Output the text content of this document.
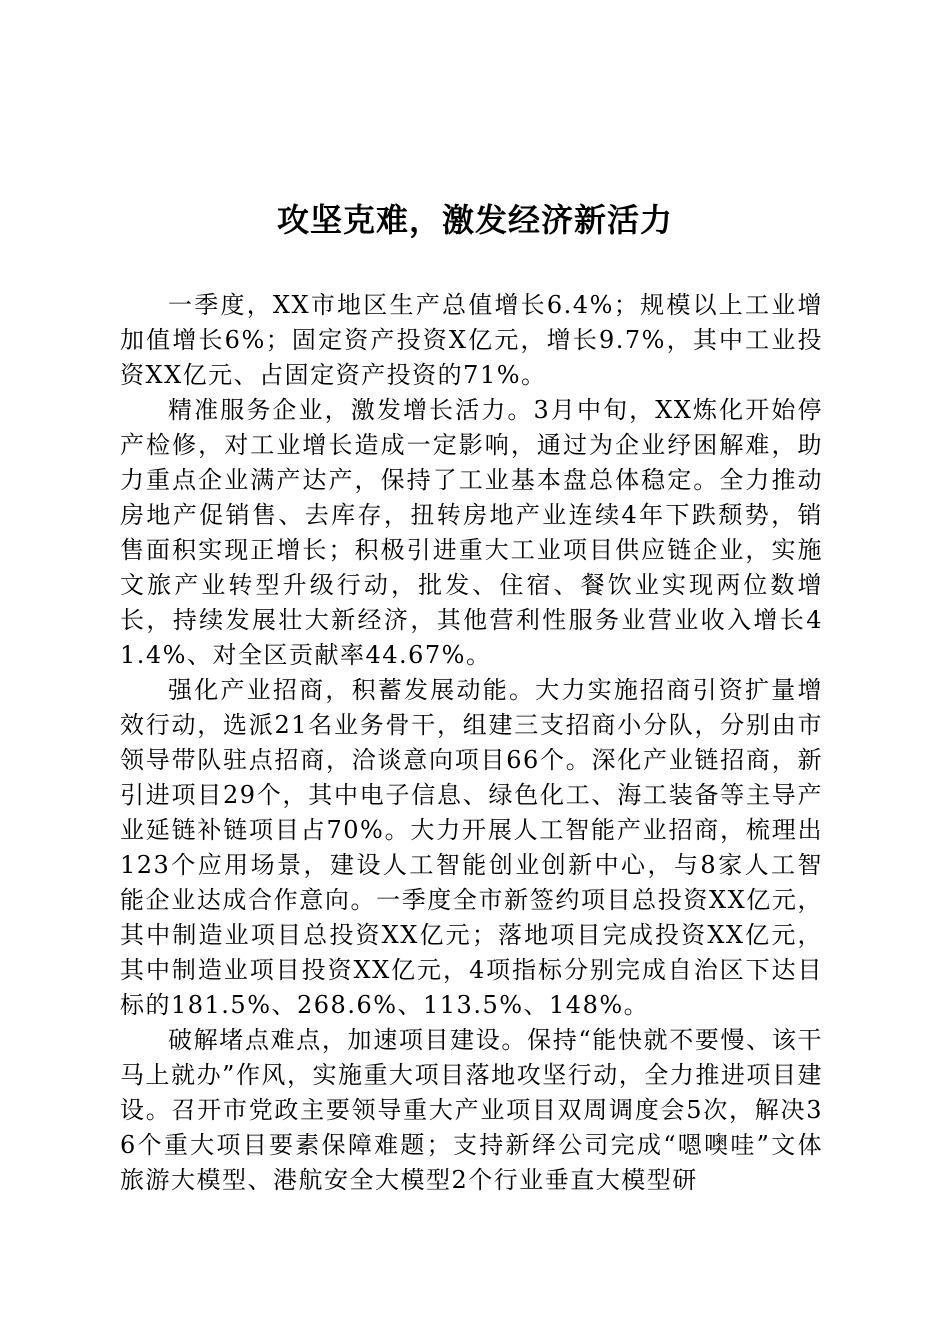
攻坚克难，激发经济新活力

一季度，XX市地区生产总值增长6.4%；规模以上工业增加值增长6%；固定资产投资X亿元，增长9.7%，其中工业投资XX亿元、占固定资产投资的71%。

精准服务企业，激发增长活力。3月中旬，XX炼化开始停产检修，对工业增长造成一定影响，通过为企业纾困解难，助力重点企业满产达产，保持了工业基本盘总体稳定。全力推动房地产促销售、去库存，扭转房地产业连续4年下跌颓势，销售面积实现正增长；积极引进重大工业项目供应链企业，实施文旅产业转型升级行动，批发、住宿、餐饮业实现两位数增长，持续发展壮大新经济，其他营利性服务业营业收入增长41.4%、对全区贡献率44.67%。

强化产业招商，积蓄发展动能。大力实施招商引资扩量增效行动，选派21名业务骨干，组建三支招商小分队，分别由市领导带队驻点招商，洽谈意向项目66个。深化产业链招商，新引进项目29个，其中电子信息、绿色化工、海工装备等主导产业延链补链项目占70%。大力开展人工智能产业招商，梳理出123个应用场景，建设人工智能创业创新中心，与8家人工智能企业达成合作意向。一季度全市新签约项目总投资XX亿元，其中制造业项目总投资XX亿元；落地项目完成投资XX亿元，其中制造业项目投资XX亿元，4项指标分别完成自治区下达目标的181.5%、268.6%、113.5%、148%。

破解堵点难点，加速项目建设。保持“能快就不要慢、该干马上就办”作风，实施重大项目落地攻坚行动，全力推进项目建设。召开市党政主要领导重大产业项目双周调度会5次，解决36个重大项目要素保障难题；支持新绎公司完成“嗯噢哇”文体旅游大模型、港航安全大模型2个行业垂直大模型研
